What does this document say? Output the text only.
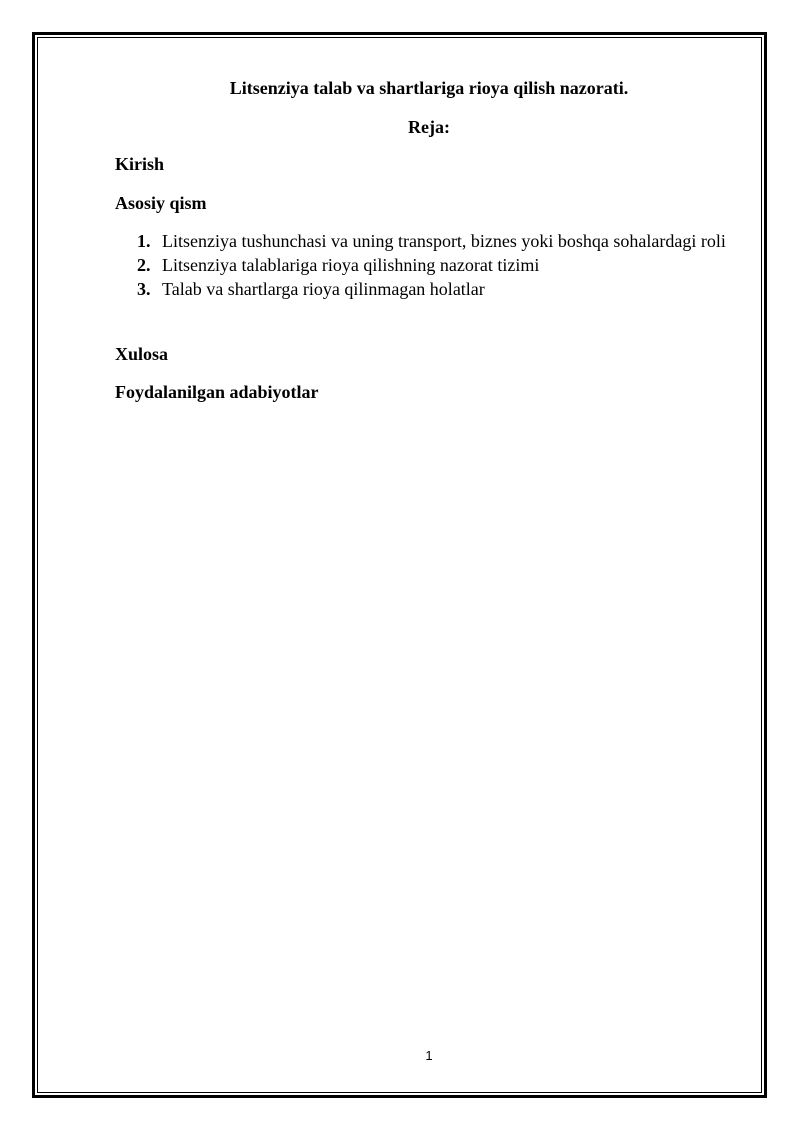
Litsenziya talab va shartlariga rioya qilish nazorati.

Reja:

Kirish

Asosiy qism

1. Litsenziya tushunchasi va uning transport, biznes yoki boshqa sohalardagi roli
2. Litsenziya talablariga rioya qilishning nazorat tizimi
3. Talab va shartlarga rioya qilinmagan holatlar

Xulosa

Foydalanilgan adabiyotlar

1
